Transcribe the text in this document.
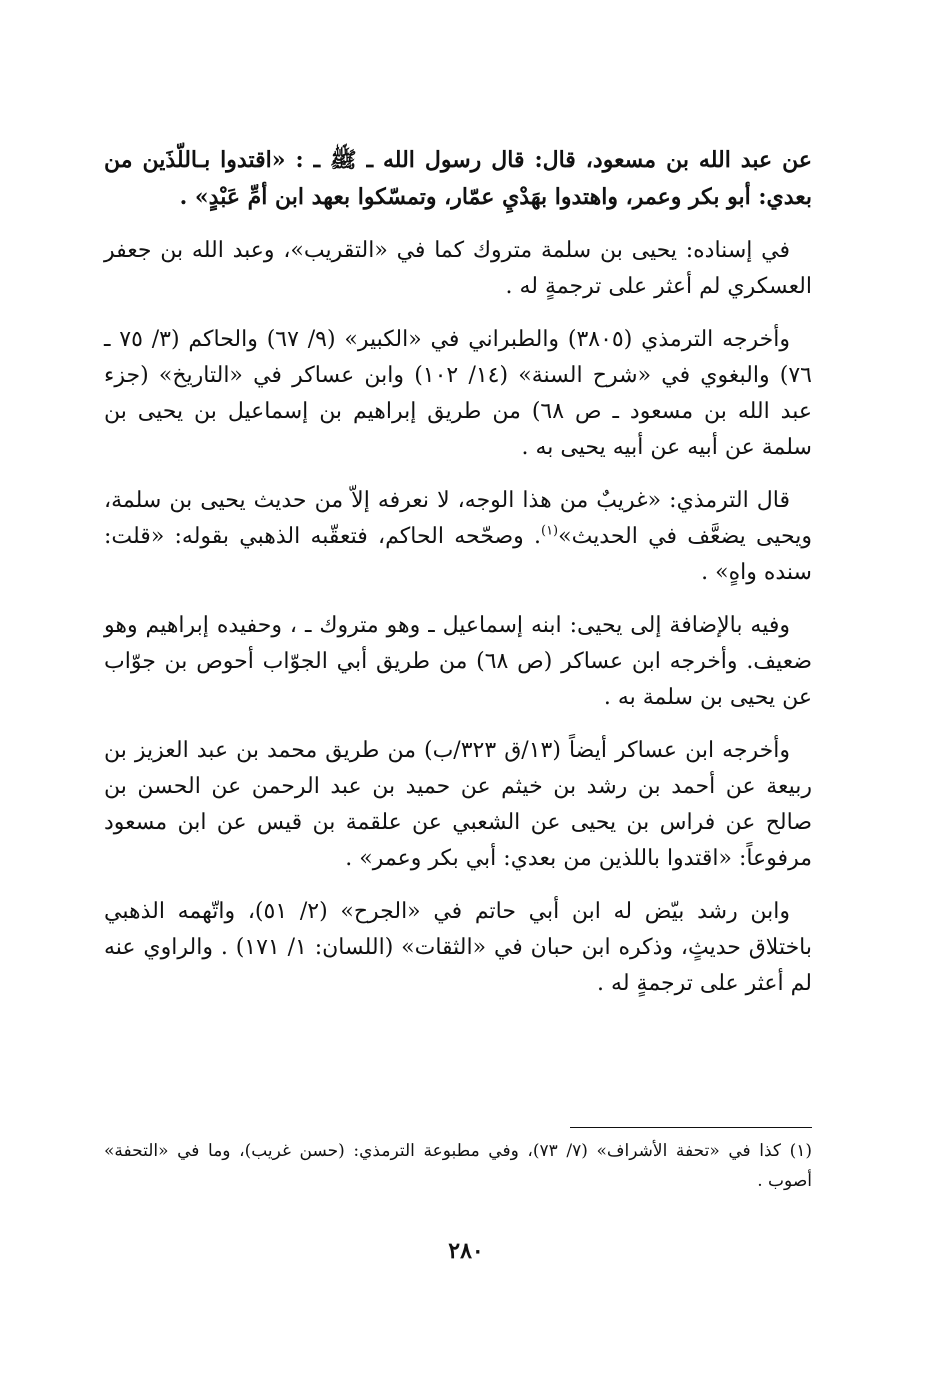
عن عبد الله بن مسعود، قال: قال رسول الله ـ ﷺ ـ : «اقتدوا بـاللّذَين من بعدي: أبو بكر وعمر، واهتدوا بهَدْيِ عمّار، وتمسّكوا بعهد ابن أمِّ عَبْدٍ» .

في إسناده: يحيى بن سلمة متروك كما في «التقريب»، وعبد الله بن جعفر العسكري لم أعثر على ترجمةٍ له .

وأخرجه الترمذي (٣٨٠٥) والطبراني في «الكبير» (٩/ ٦٧) والحاكم (٣/ ٧٥ ـ ٧٦) والبغوي في «شرح السنة» (١٤/ ١٠٢) وابن عساكر في «التاريخ» (جزء عبد الله بن مسعود ـ ص ٦٨) من طريق إبراهيم بن إسماعيل بن يحيى بن سلمة عن أبيه عن أبيه يحيى به .

قال الترمذي: «غريبٌ من هذا الوجه، لا نعرفه إلاّ من حديث يحيى بن سلمة، ويحيى يضعَّف في الحديث»$^{(١)}$. وصحّحه الحاكم، فتعقّبه الذهبي بقوله: «قلت: سنده واهٍ» .

وفيه بالإضافة إلى يحيى: ابنه إسماعيل ـ وهو متروك ـ ، وحفيده إبراهيم وهو ضعيف. وأخرجه ابن عساكر (ص ٦٨) من طريق أبي الجوّاب أحوص بن جوّاب عن يحيى بن سلمة به .

وأخرجه ابن عساكر أيضاً (١٣/ق ٣٢٣/ب) من طريق محمد بن عبد العزيز بن ربيعة عن أحمد بن رشد بن خيثم عن حميد بن عبد الرحمن عن الحسن بن صالح عن فراس بن يحيى عن الشعبي عن علقمة بن قيس عن ابن مسعود مرفوعاً: «اقتدوا باللذين من بعدي: أبي بكر وعمر» .

وابن رشد بيّض له ابن أبي حاتم في «الجرح» (٢/ ٥١)، واتّهمه الذهبي باختلاق حديثٍ، وذكره ابن حبان في «الثقات» (اللسان: ١/ ١٧١) . والراوي عنه لم أعثر على ترجمةٍ له .

(١) كذا في «تحفة الأشراف» (٧/ ٧٣)، وفي مطبوعة الترمذي: (حسن غريب)، وما في «التحفة» أصوب .

٢٨٠
